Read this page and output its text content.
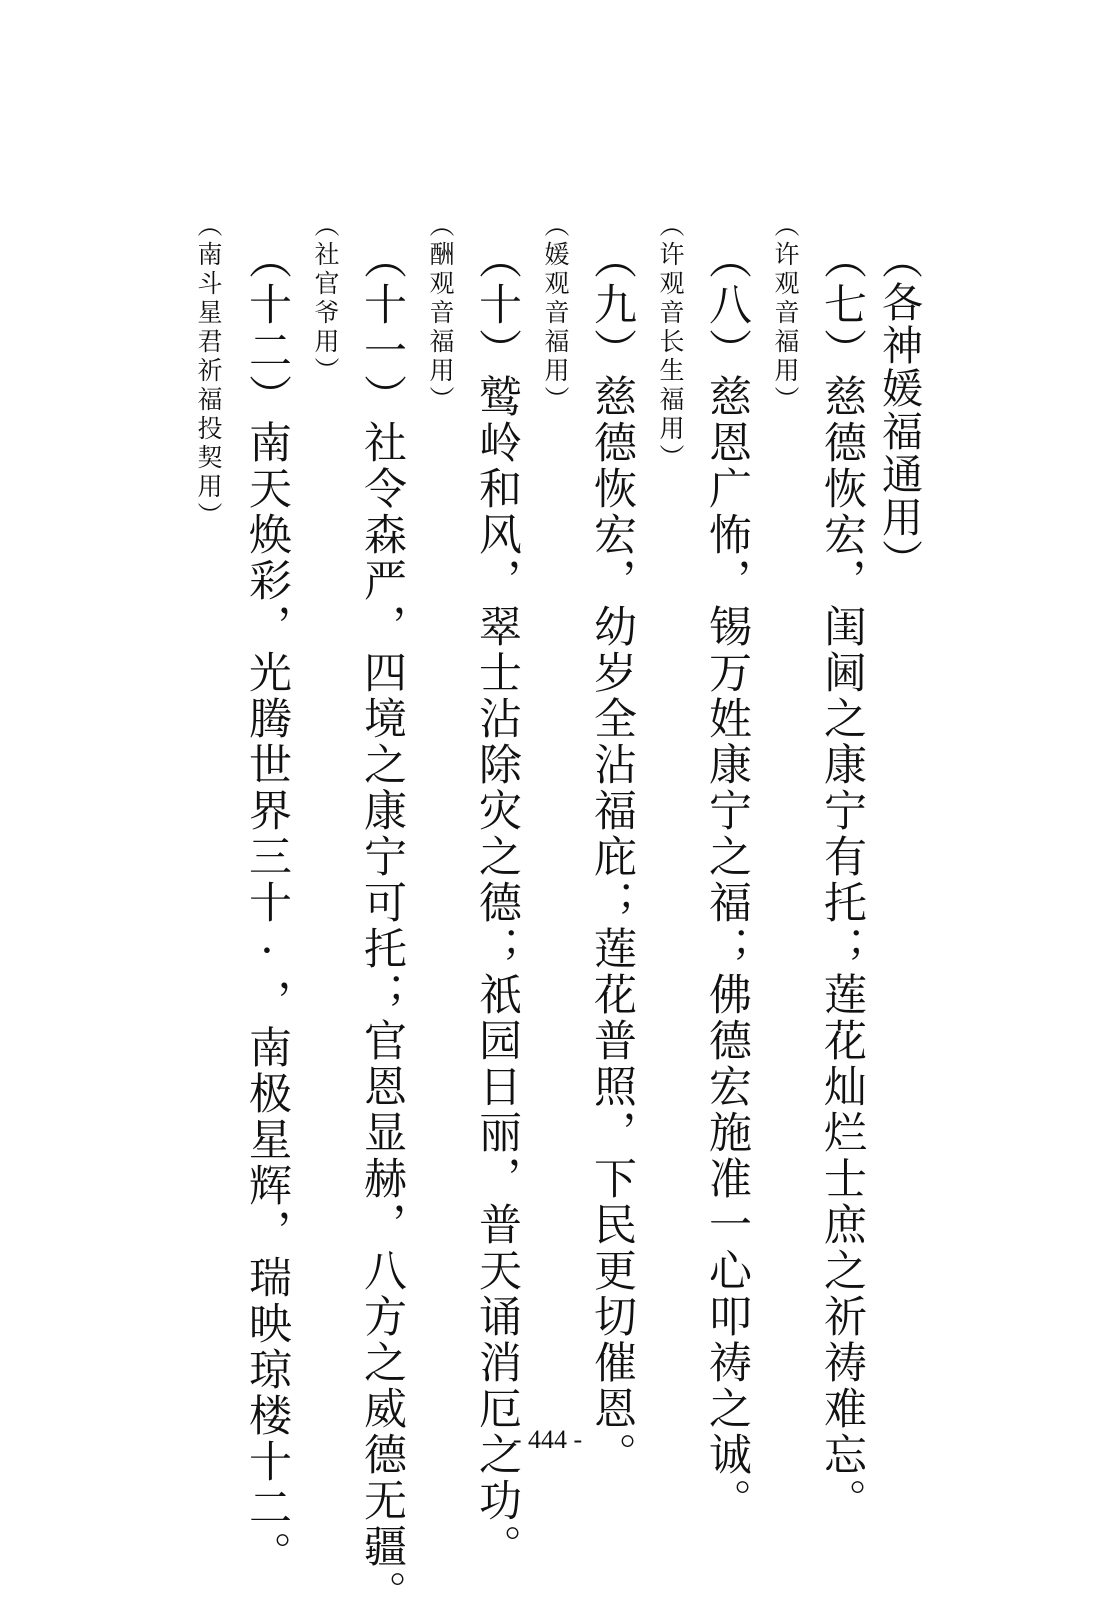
（各神媛福通用）

（七）慈德恢宏，闺阃之康宁有托；莲花灿烂士庶之祈祷难忘。

（许观音福用）

（八）慈恩广怖，锡万姓康宁之福；佛德宏施准一心叩祷之诚。

（许观音长生福用）

（九）慈德恢宏，幼岁全沾福庇；莲花普照，下民更切催恩。

（媛观音福用）

（十）鹫岭和风，翠士沾除灾之德；祇园日丽，普天诵消厄之功。

（酬观音福用）

（十一）社令森严，四境之康宁可托；官恩显赫，八方之威德无疆。

（社官爷用）

（十二）南天焕彩，光腾世界三十·，南极星辉，瑞映琼楼十二。

（南斗星君祈福投契用）

- 444 -
